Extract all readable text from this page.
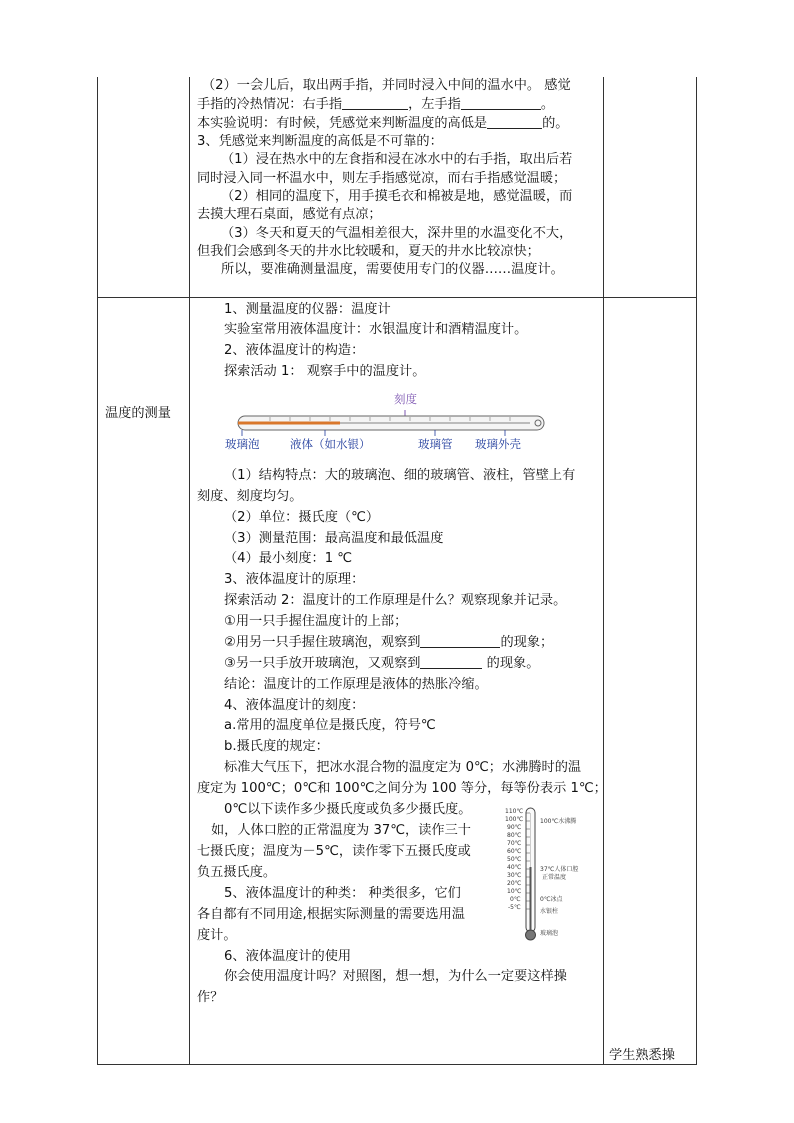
（2）一会儿后，取出两手指，并同时浸入中间的温水中。 感觉
手指的冷热情况：右手指	，左手指	。
本实验说明：有时候，凭感觉来判断温度的高低是	的。
3、凭感觉来判断温度的高低是不可靠的：
（1）浸在热水中的左食指和浸在冰水中的右手指，取出后若
同时浸入同一杯温水中，则左手指感觉凉，而右手指感觉温暖；
（2）相同的温度下，用手摸毛衣和棉被是地，感觉温暖，而
去摸大理石桌面，感觉有点凉；
（3）冬天和夏天的气温相差很大，深井里的水温变化不大，
但我们会感到冬天的井水比较暖和，夏天的井水比较凉快；
所以，要准确测量温度，需要使用专门的仪器……温度计。
温度的测量
1、测量温度的仪器：温度计
实验室常用液体温度计：水银温度计和酒精温度计。
2、液体温度计的构造：
探索活动 1： 观察手中的温度计。
刻度
玻璃泡	液体（如水银）	玻璃管 玻璃外壳
（1）结构特点：大的玻璃泡、细的玻璃管、液柱，管壁上有
刻度、刻度均匀。
（2）单位：摄氏度（℃）
（3）测量范围：最高温度和最低温度
（4）最小刻度：1 ℃
3、液体温度计的原理：
探索活动 2：温度计的工作原理是什么？观察现象并记录。
①用一只手握住温度计的上部；
②用另一只手握住玻璃泡，观察到	的现象；
③另一只手放开玻璃泡，又观察到	的现象。
结论：温度计的工作原理是液体的热胀冷缩。
4、液体温度计的刻度：
a.常用的温度单位是摄氏度，符号℃
b.摄氏度的规定：
标准大气压下，把冰水混合物的温度定为 0℃；水沸腾时的温
度定为 100℃；0℃和 100℃之间分为 100 等分，每等份表示 1℃；
0℃以下读作多少摄氏度或负多少摄氏度。
如，人体口腔的正常温度为 37℃，读作三十
七摄氏度；温度为－5℃，读作零下五摄氏度或
负五摄氏度。
5、液体温度计的种类： 种类很多，它们
各自都有不同用途,根据实际测量的需要选用温
度计。
6、液体温度计的使用
你会使用温度计吗？对照图，想一想，为什么一定要这样操
作？
110℃
100℃
90℃
80℃
70℃
60℃
50℃
40℃
30℃
20℃
10℃
0℃
-5℃
100℃水沸腾
37℃人体口腔
正常温度
0℃冰点
水银柱
玻璃泡
学生熟悉操
